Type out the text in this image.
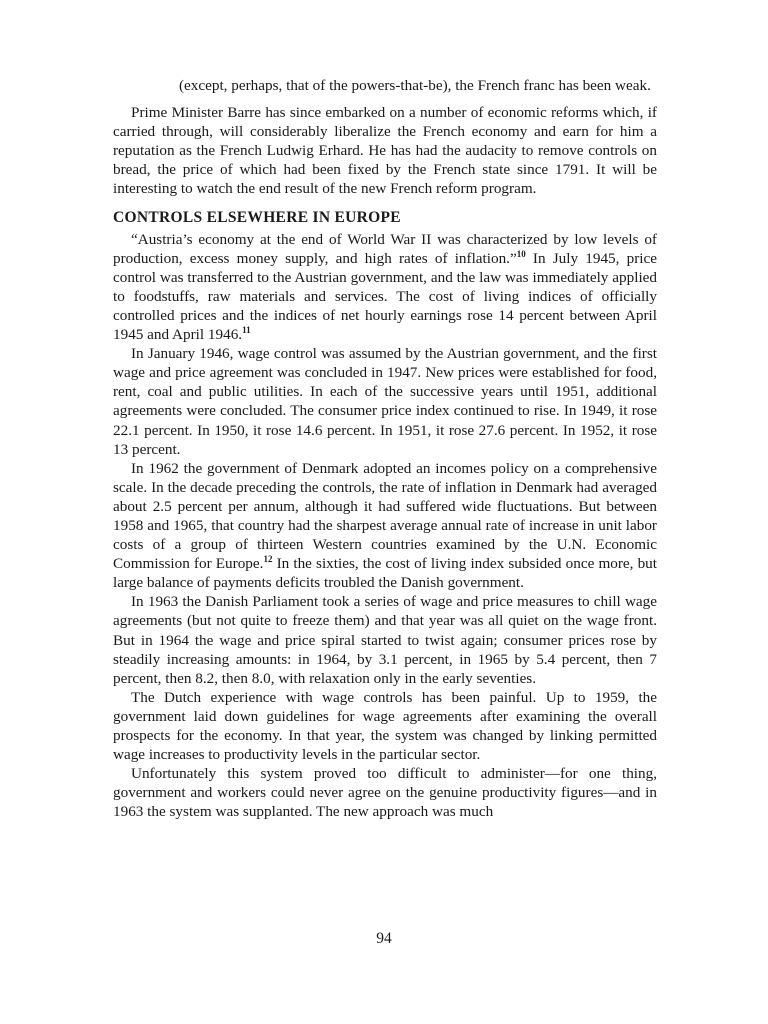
(except, perhaps, that of the powers-that-be), the French franc has been weak.

Prime Minister Barre has since embarked on a number of economic reforms which, if carried through, will considerably liberalize the French economy and earn for him a reputation as the French Ludwig Erhard. He has had the audacity to remove controls on bread, the price of which had been fixed by the French state since 1791. It will be interesting to watch the end result of the new French reform program.

CONTROLS ELSEWHERE IN EUROPE

“Austria’s economy at the end of World War II was characterized by low levels of production, excess money supply, and high rates of inflation.”$^{10}$ In July 1945, price control was transferred to the Austrian government, and the law was immediately applied to foodstuffs, raw materials and services. The cost of living indices of officially controlled prices and the indices of net hourly earnings rose 14 percent between April 1945 and April 1946.11

In January 1946, wage control was assumed by the Austrian government, and the first wage and price agreement was concluded in 1947. New prices were established for food, rent, coal and public utilities. In each of the successive years until 1951, additional agreements were concluded. The consumer price index continued to rise. In 1949, it rose 22.1 percent. In 1950, it rose 14.6 percent. In 1951, it rose 27.6 percent. In 1952, it rose 13 percent.

In 1962 the government of Denmark adopted an incomes policy on a comprehensive scale. In the decade preceding the controls, the rate of inflation in Denmark had averaged about 2.5 percent per annum, although it had suffered wide fluctuations. But between 1958 and 1965, that country had the sharpest average annual rate of increase in unit labor costs of a group of thirteen Western countries examined by the U.N. Economic Commission for Europe.$^{12}$ In the sixties, the cost of living index subsided once more, but large balance of payments deficits troubled the Danish government.

In 1963 the Danish Parliament took a series of wage and price measures to chill wage agreements (but not quite to freeze them) and that year was all quiet on the wage front. But in 1964 the wage and price spiral started to twist again; consumer prices rose by steadily increasing amounts: in 1964, by 3.1 percent, in 1965 by 5.4 percent, then 7 percent, then 8.2, then 8.0, with relaxation only in the early seventies.

The Dutch experience with wage controls has been painful. Up to 1959, the government laid down guidelines for wage agreements after examining the overall prospects for the economy. In that year, the system was changed by linking permitted wage increases to productivity levels in the particular sector.

Unfortunately this system proved too difficult to administer—for one thing, government and workers could never agree on the genuine productivity figures—and in 1963 the system was supplanted. The new approach was much

94
